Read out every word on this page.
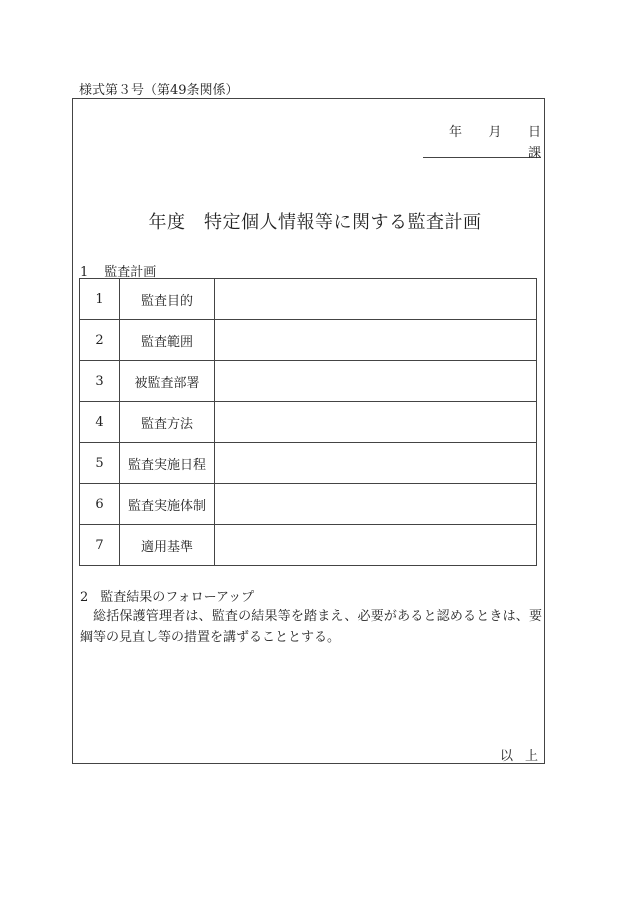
様式第３号（第49条関係）
年 月 日
課
年度　特定個人情報等に関する監査計画
1 監査計画
1	監査目的	
2	監査範囲	
3	被監査部署	
4	監査方法	
5	監査実施日程	
6	監査実施体制	
7	適用基準	
2 監査結果のフォローアップ
総括保護管理者は、監査の結果等を踏まえ、必要があると認めるときは、要綱等の見直し等の措置を講ずることとする。
以上
